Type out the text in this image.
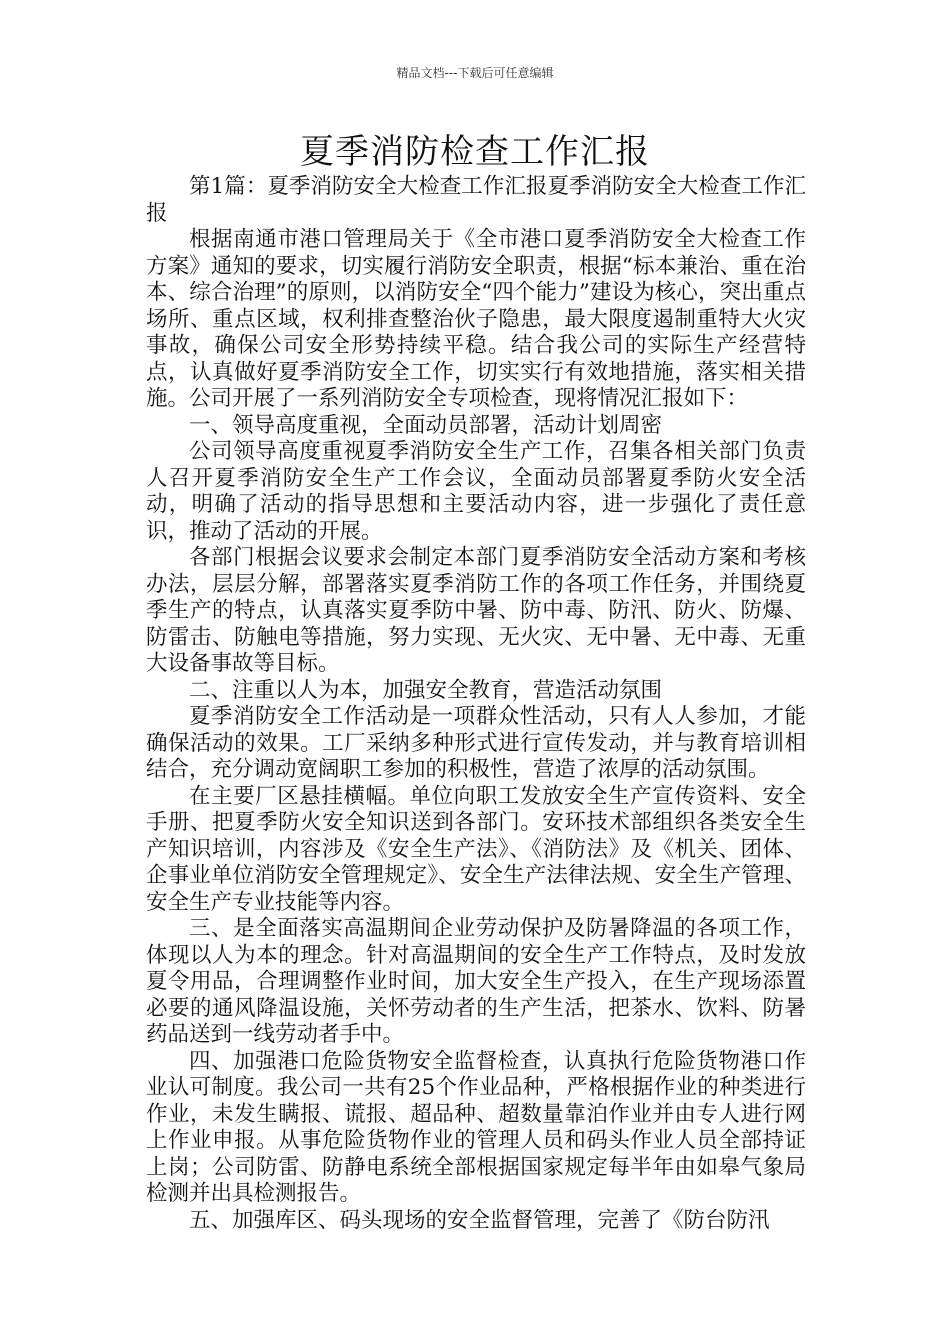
精品文档---下载后可任意编辑
夏季消防检查工作汇报

第1篇：夏季消防安全大检查工作汇报夏季消防安全大检查工作汇报

根据南通市港口管理局关于《全市港口夏季消防安全大检查工作方案》通知的要求，切实履行消防安全职责，根据“标本兼治、重在治本、综合治理”的原则，以消防安全“四个能力”建设为核心，突出重点场所、重点区域，权利排查整治伙子隐患，最大限度遏制重特大火灾事故，确保公司安全形势持续平稳。结合我公司的实际生产经营特点，认真做好夏季消防安全工作，切实实行有效地措施，落实相关措施。公司开展了一系列消防安全专项检查，现将情况汇报如下：

一、领导高度重视，全面动员部署，活动计划周密

公司领导高度重视夏季消防安全生产工作，召集各相关部门负责人召开夏季消防安全生产工作会议，全面动员部署夏季防火安全活动，明确了活动的指导思想和主要活动内容，进一步强化了责任意识，推动了活动的开展。

各部门根据会议要求会制定本部门夏季消防安全活动方案和考核办法，层层分解，部署落实夏季消防工作的各项工作任务，并围绕夏季生产的特点，认真落实夏季防中暑、防中毒、防汛、防火、防爆、防雷击、防触电等措施，努力实现、无火灾、无中暑、无中毒、无重大设备事故等目标。

二、注重以人为本，加强安全教育，营造活动氛围

夏季消防安全工作活动是一项群众性活动，只有人人参加，才能确保活动的效果。工厂采纳多种形式进行宣传发动，并与教育培训相结合，充分调动宽阔职工参加的积极性，营造了浓厚的活动氛围。

在主要厂区悬挂横幅。单位向职工发放安全生产宣传资料、安全手册、把夏季防火安全知识送到各部门。安环技术部组织各类安全生产知识培训，内容涉及《安全生产法》、《消防法》及《机关、团体、企事业单位消防安全管理规定》、安全生产法律法规、安全生产管理、安全生产专业技能等内容。

三、是全面落实高温期间企业劳动保护及防暑降温的各项工作，体现以人为本的理念。针对高温期间的安全生产工作特点，及时发放夏令用品，合理调整作业时间，加大安全生产投入，在生产现场添置必要的通风降温设施，关怀劳动者的生产生活，把茶水、饮料、防暑药品送到一线劳动者手中。

四、加强港口危险货物安全监督检查，认真执行危险货物港口作业认可制度。我公司一共有25个作业品种，严格根据作业的种类进行作业，未发生瞒报、谎报、超品种、超数量靠泊作业并由专人进行网上作业申报。从事危险货物作业的管理人员和码头作业人员全部持证上岗；公司防雷、防静电系统全部根据国家规定每半年由如皋气象局检测并出具检测报告。

五、加强库区、码头现场的安全监督管理，完善了《防台防汛
